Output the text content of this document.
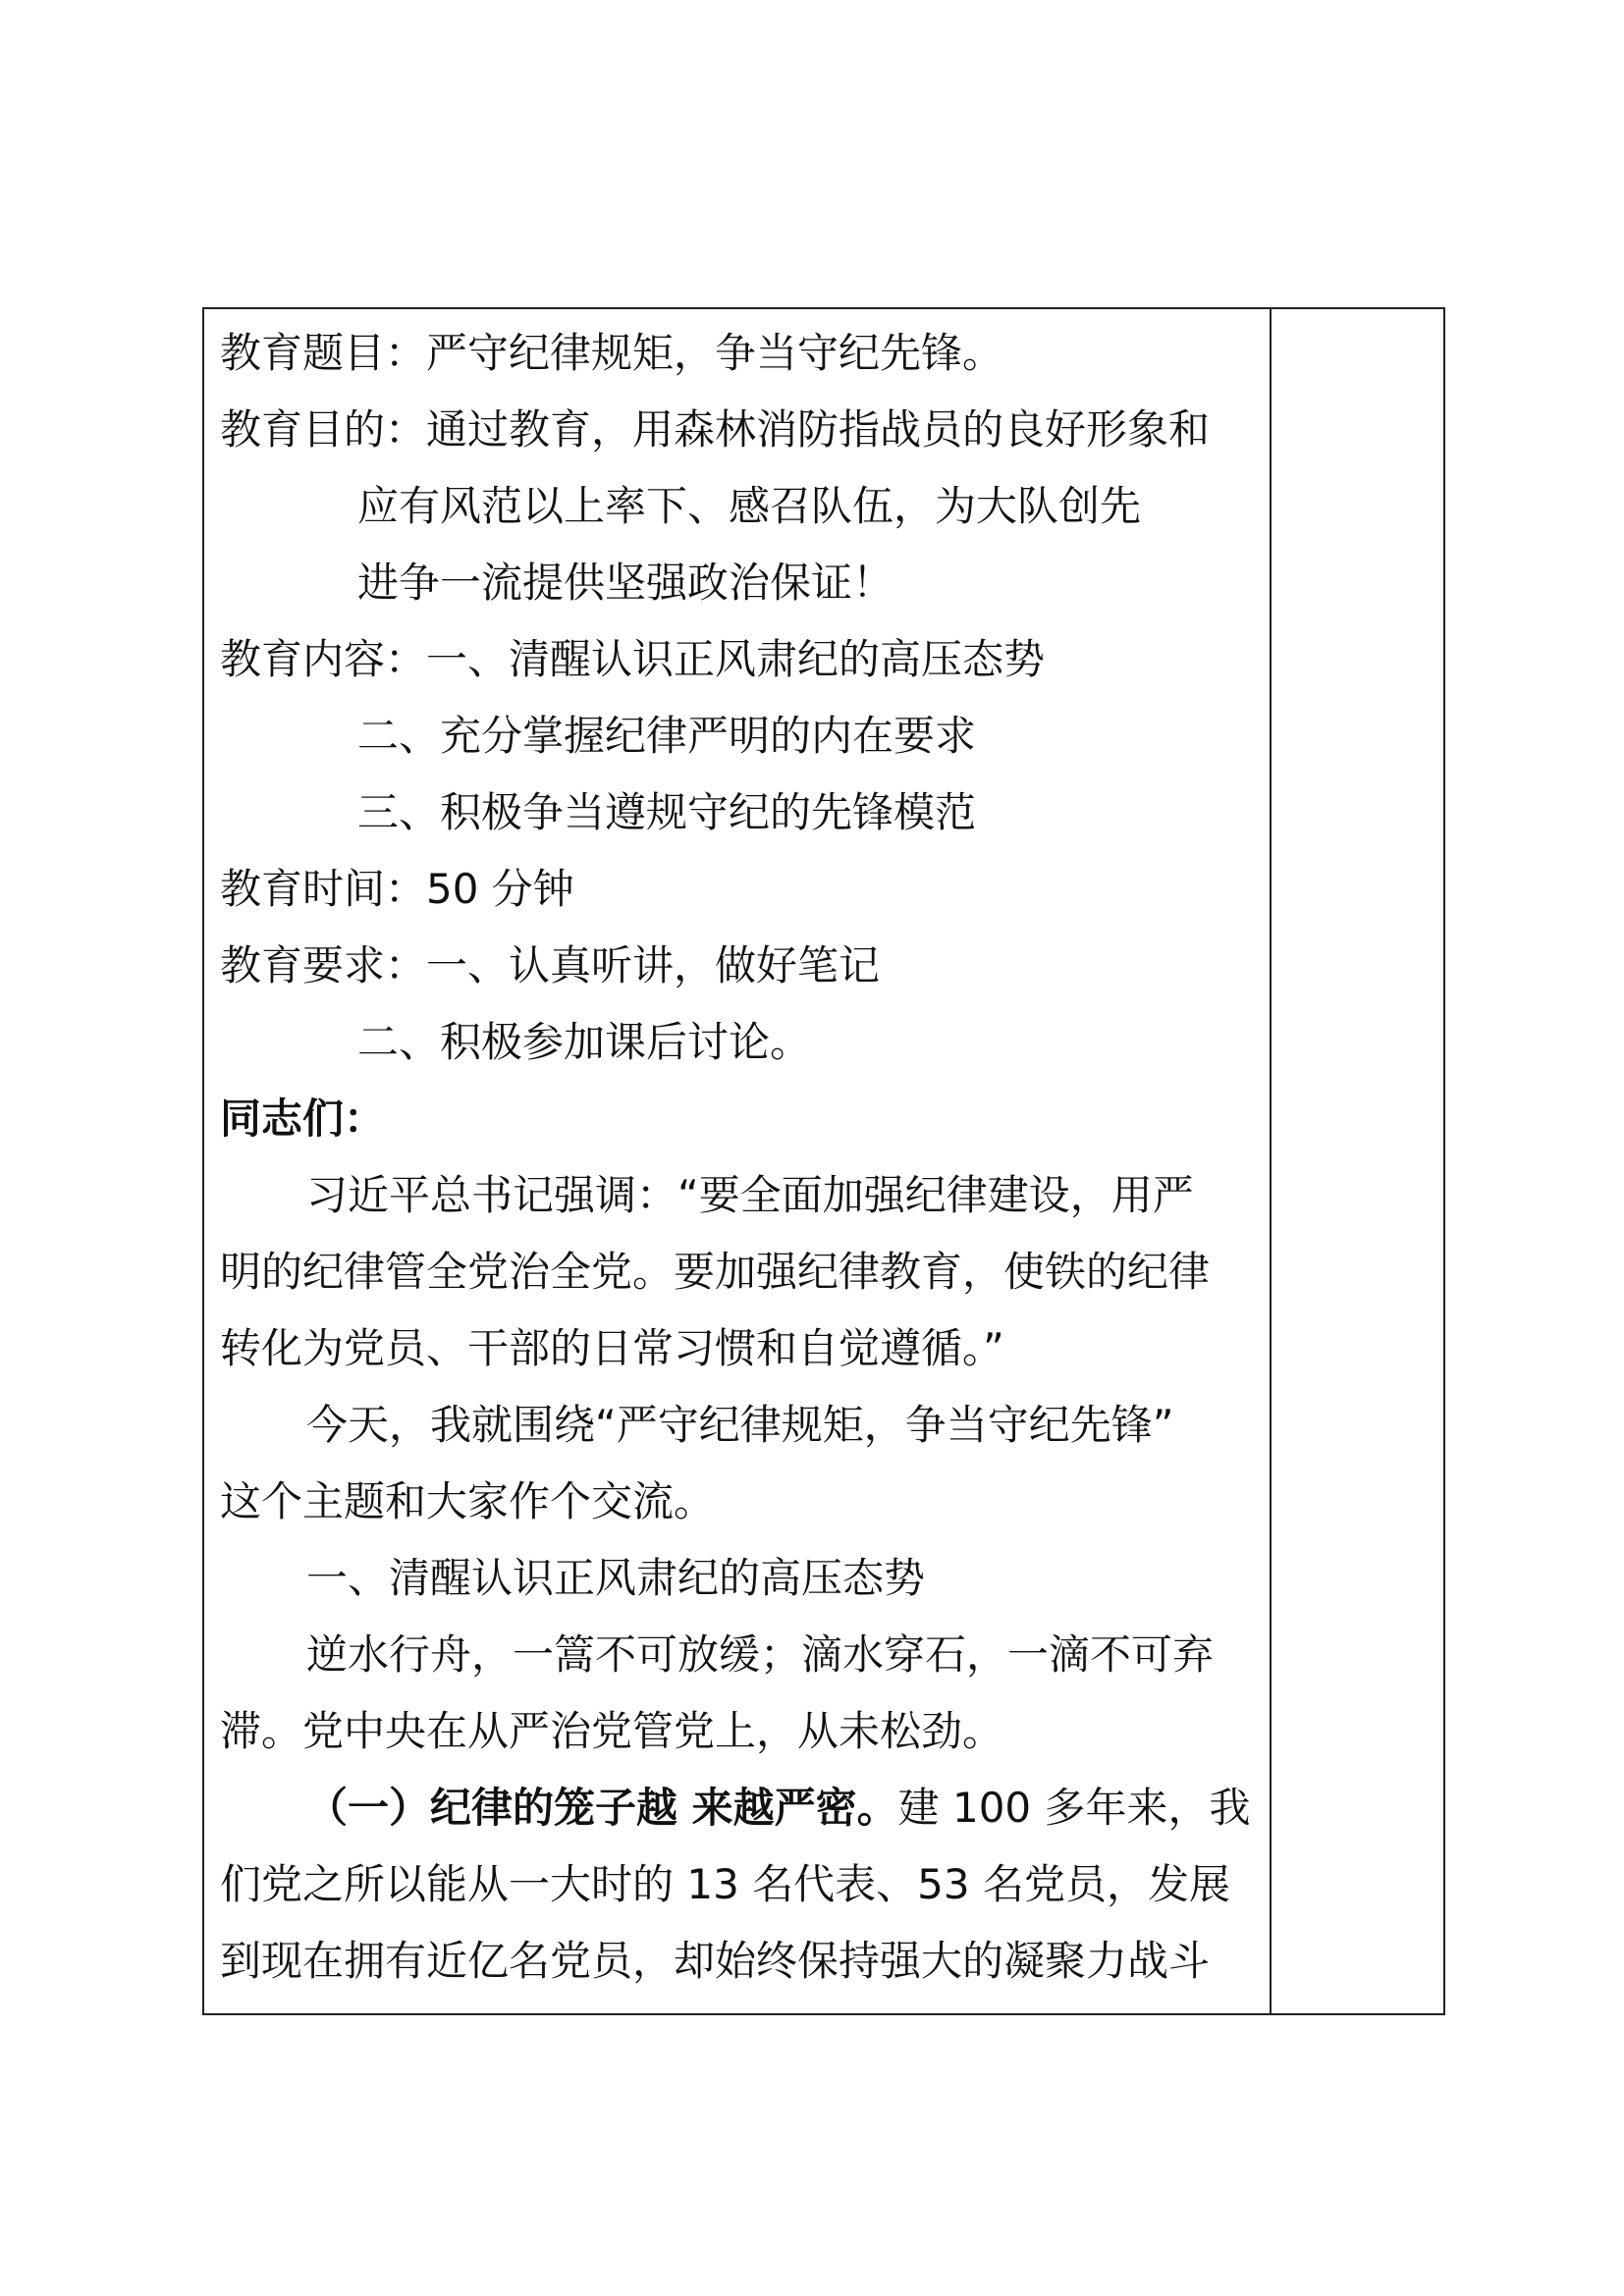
教育题目：严守纪律规矩，争当守纪先锋。
教育目的：通过教育，用森林消防指战员的良好形象和
应有风范以上率下、感召队伍，为大队创先
进争一流提供坚强政治保证！
教育内容：一、清醒认识正风肃纪的高压态势
二、充分掌握纪律严明的内在要求
三、积极争当遵规守纪的先锋模范
教育时间：50 分钟
教育要求：一、认真听讲，做好笔记
二、积极参加课后讨论。
同志们：
习近平总书记强调：“要全面加强纪律建设，用严
明的纪律管全党治全党。要加强纪律教育，使铁的纪律
转化为党员、干部的日常习惯和自觉遵循。”
今天，我就围绕“严守纪律规矩，争当守纪先锋”
这个主题和大家作个交流。
一、清醒认识正风肃纪的高压态势
逆水行舟，一篙不可放缓；滴水穿石，一滴不可弃
滞。党中央在从严治党管党上，从未松劲。
（一）纪律的笼子越 来越严密。建 100 多年来，我
们党之所以能从一大时的 13 名代表、53 名党员，发展
到现在拥有近亿名党员，却始终保持强大的凝聚力战斗
